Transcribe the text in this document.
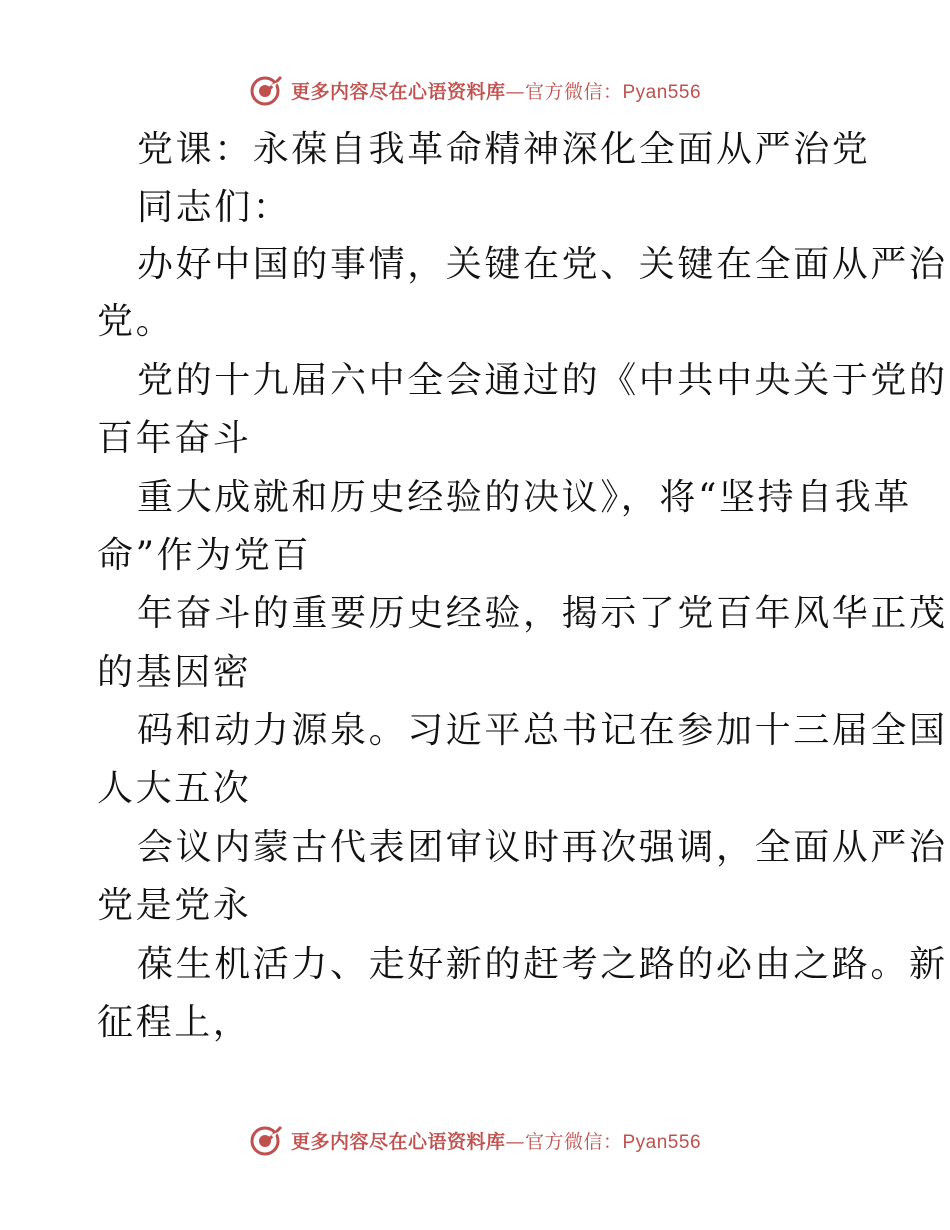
更多内容尽在心语资料库—官方微信：Pyan556
党课：永葆自我革命精神深化全面从严治党
同志们：
办好中国的事情，关键在党、关键在全面从严治
党。
党的十九届六中全会通过的《中共中央关于党的
百年奋斗
重大成就和历史经验的决议》，将“坚持自我革
命”作为党百
年奋斗的重要历史经验，揭示了党百年风华正茂
的基因密
码和动力源泉。习近平总书记在参加十三届全国
人大五次
会议内蒙古代表团审议时再次强调，全面从严治
党是党永
葆生机活力、走好新的赶考之路的必由之路。新
征程上，
更多内容尽在心语资料库—官方微信：Pyan556
